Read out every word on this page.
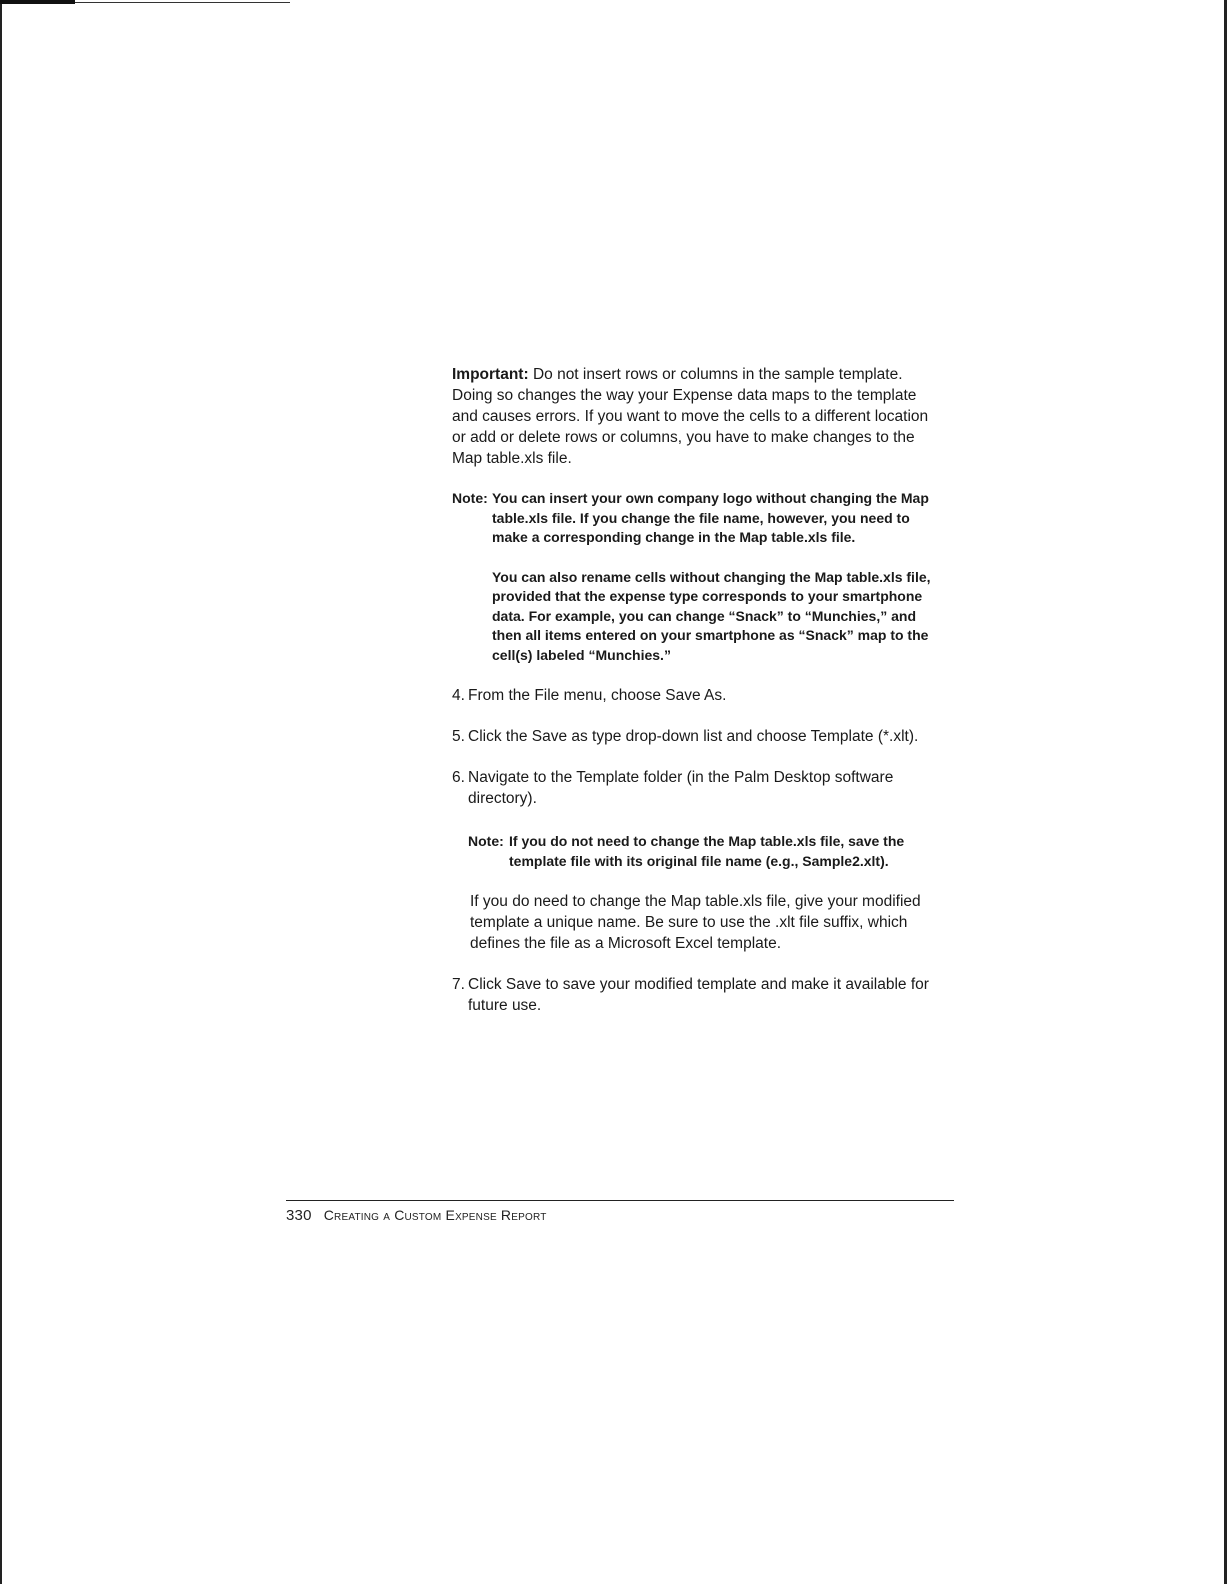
Important: Do not insert rows or columns in the sample template. Doing so changes the way your Expense data maps to the template and causes errors. If you want to move the cells to a different location or add or delete rows or columns, you have to make changes to the Map table.xls file.

Note: You can insert your own company logo without changing the Map table.xls file. If you change the file name, however, you need to make a corresponding change in the Map table.xls file.

You can also rename cells without changing the Map table.xls file, provided that the expense type corresponds to your smartphone data. For example, you can change “Snack” to “Munchies,” and then all items entered on your smartphone as “Snack” map to the cell(s) labeled “Munchies.”

4. From the File menu, choose Save As.
5. Click the Save as type drop-down list and choose Template (*.xlt).
6. Navigate to the Template folder (in the Palm Desktop software directory).
Note: If you do not need to change the Map table.xls file, save the template file with its original file name (e.g., Sample2.xlt).

If you do need to change the Map table.xls file, give your modified template a unique name. Be sure to use the .xlt file suffix, which defines the file as a Microsoft Excel template.

7. Click Save to save your modified template and make it available for future use.
330 Creating a Custom Expense Report
